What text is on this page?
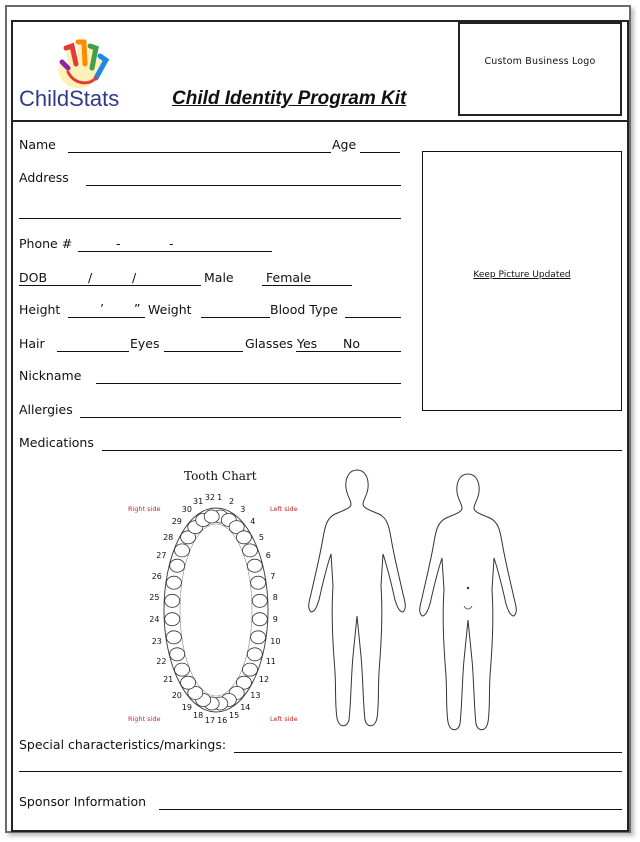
ChildStats	Child Identity Program Kit
Custom Business Logo
Name	Age
Address
Phone #	-	-
DOB	/	/	Male	Female
Height	’ ” Weight	Blood Type
Hair	Eyes	Glasses Yes No
Nickname
Allergies
Medications
Keep Picture Updated
Tooth Chart
Right side	Left side
Right side	Left side
1 2
3
4
5
6
7
8
9
10
11
12
13
14
15
16
17
18
19
20
21
22
23
24
25
26
27
28
29
30
31 32
Special characteristics/markings:
Sponsor Information
